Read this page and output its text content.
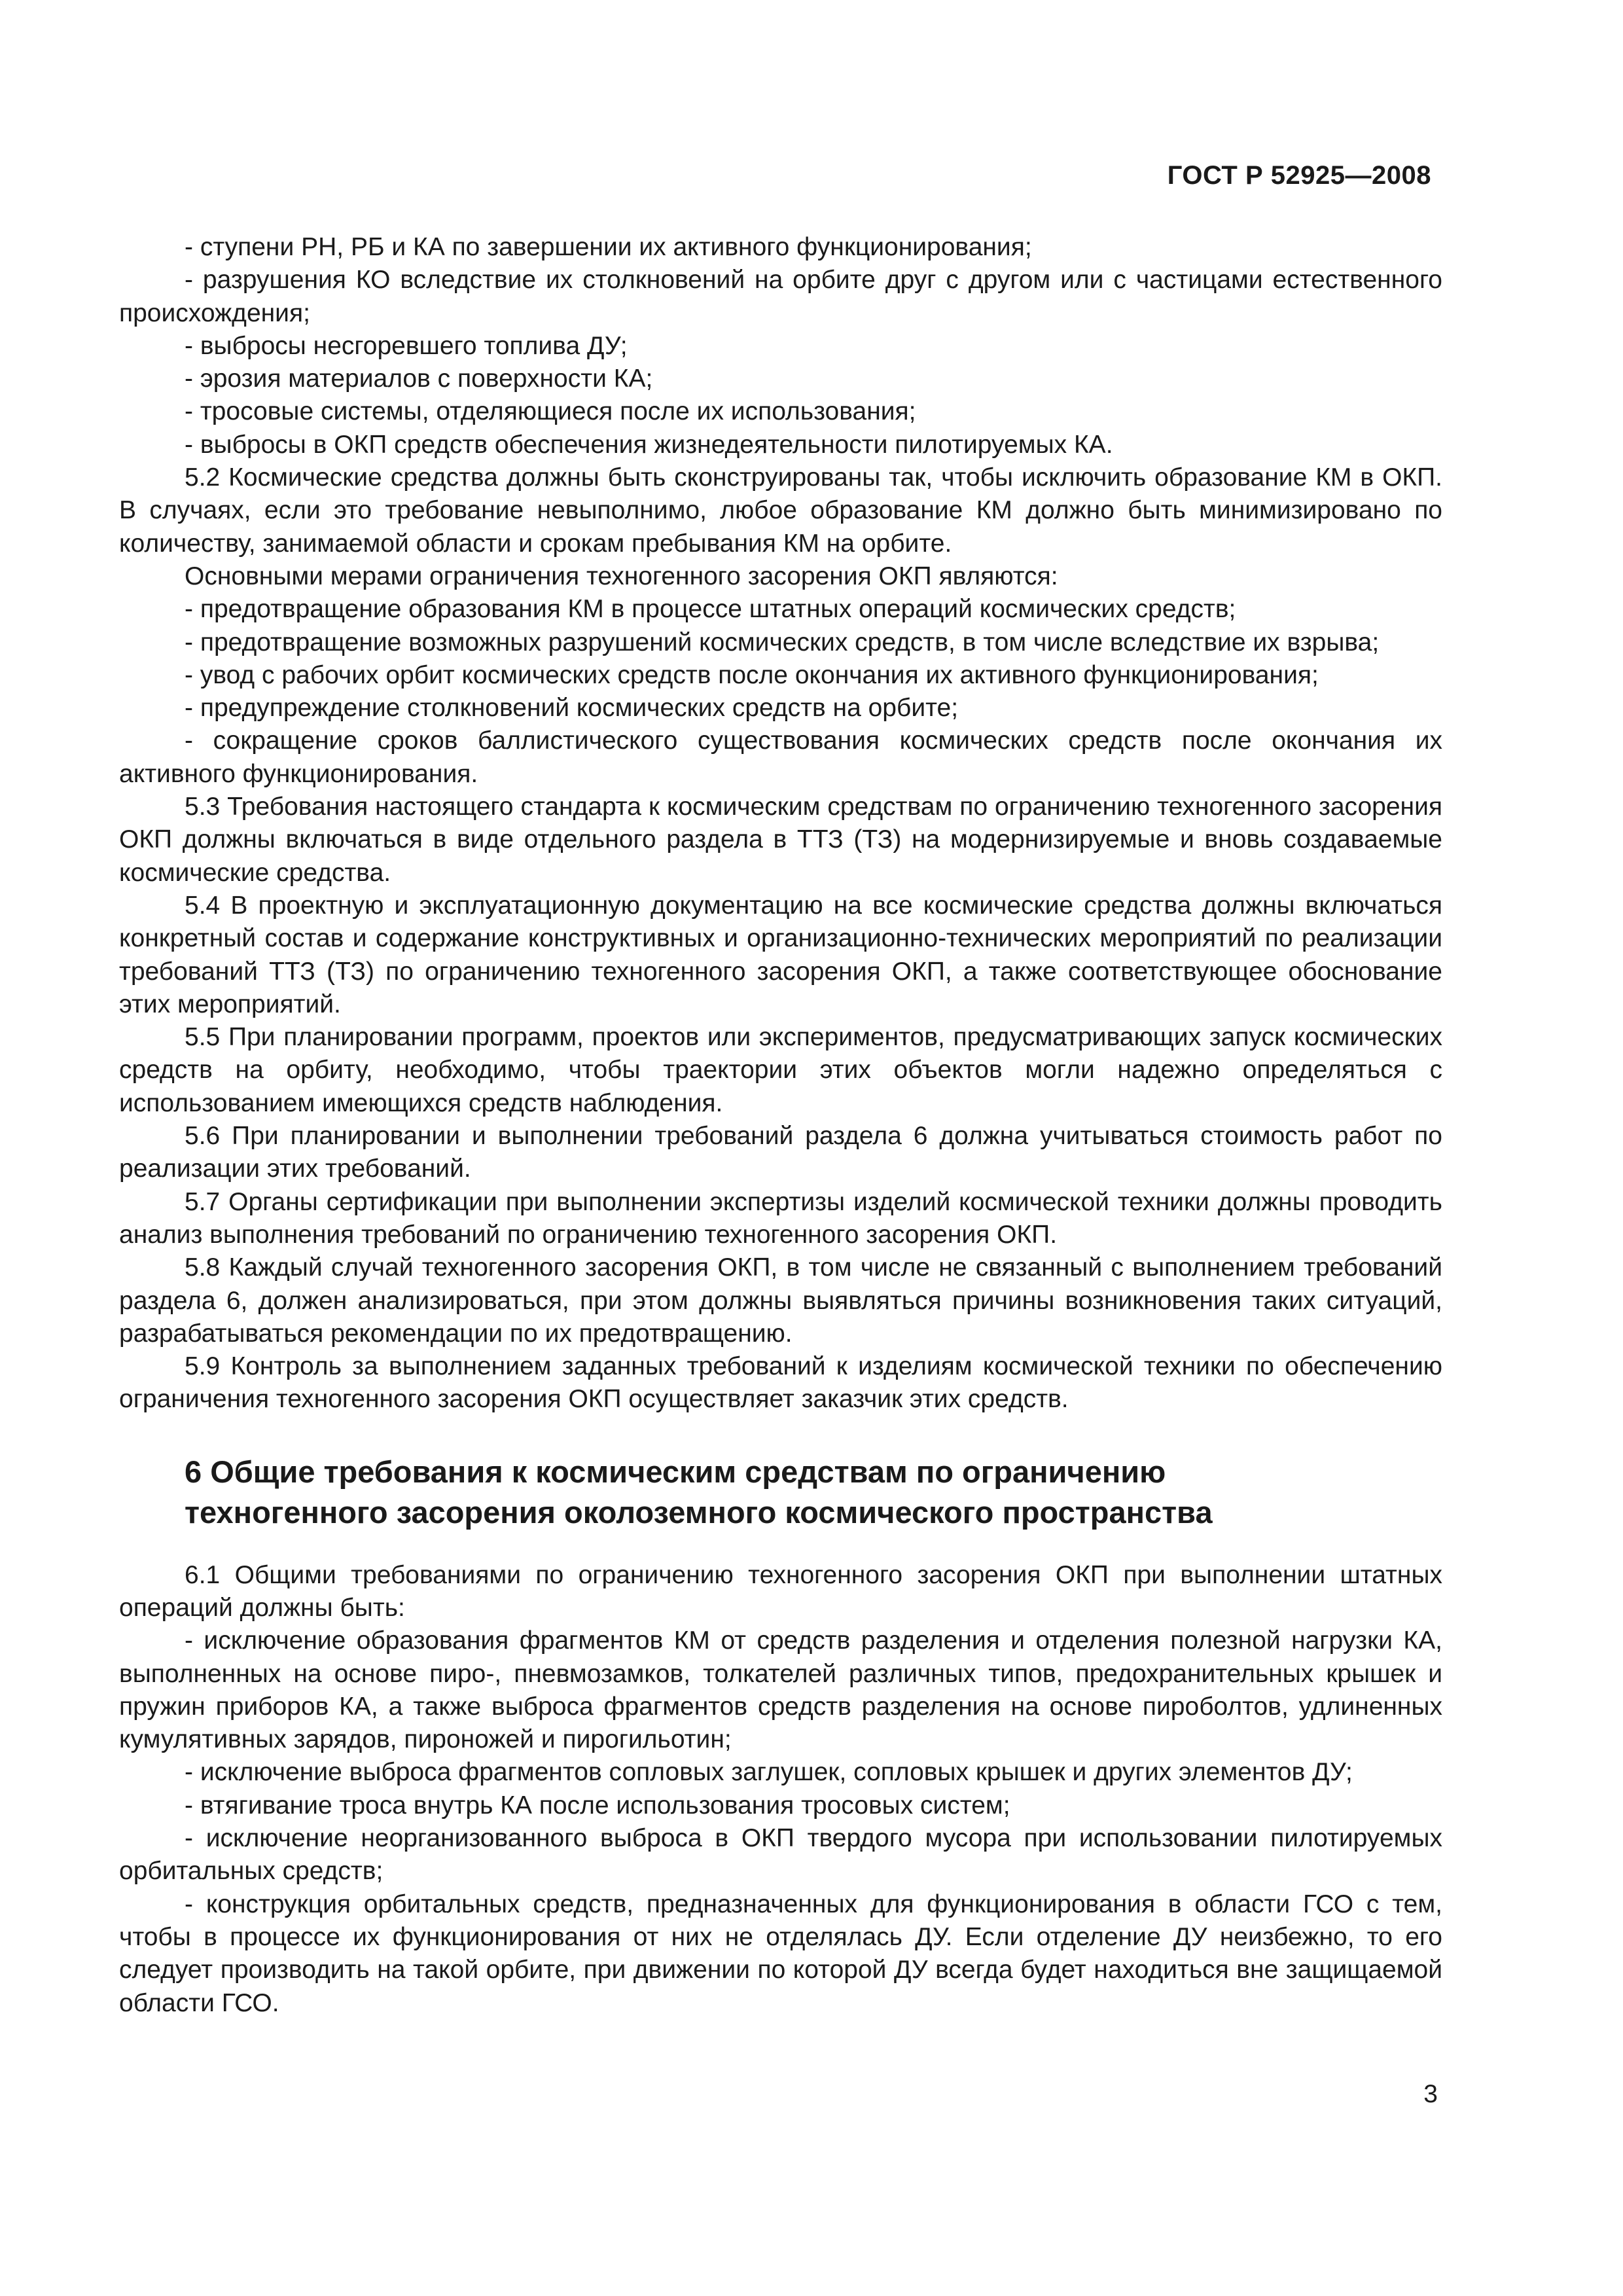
ГОСТ Р 52925—2008

- ступени РН, РБ и КА по завершении их активного функционирования;

- разрушения КО вследствие их столкновений на орбите друг с другом или с частицами естественного происхождения;

- выбросы несгоревшего топлива ДУ;

- эрозия материалов с поверхности КА;

- тросовые системы, отделяющиеся после их использования;

- выбросы в ОКП средств обеспечения жизнедеятельности пилотируемых КА.

5.2 Космические средства должны быть сконструированы так, чтобы исключить образование КМ в ОКП. В случаях, если это требование невыполнимо, любое образование КМ должно быть минимизировано по количеству, занимаемой области и срокам пребывания КМ на орбите.

Основными мерами ограничения техногенного засорения ОКП являются:

- предотвращение образования КМ в процессе штатных операций космических средств;

- предотвращение возможных разрушений космических средств, в том числе вследствие их взрыва;

- увод с рабочих орбит космических средств после окончания их активного функционирования;

- предупреждение столкновений космических средств на орбите;

- сокращение сроков баллистического существования космических средств после окончания их активного функционирования.

5.3 Требования настоящего стандарта к космическим средствам по ограничению техногенного засорения ОКП должны включаться в виде отдельного раздела в ТТЗ (ТЗ) на модернизируемые и вновь создаваемые космические средства.

5.4 В проектную и эксплуатационную документацию на все космические средства должны включаться конкретный состав и содержание конструктивных и организационно-технических мероприятий по реализации требований ТТЗ (ТЗ) по ограничению техногенного засорения ОКП, а также соответствующее обоснование этих мероприятий.

5.5 При планировании программ, проектов или экспериментов, предусматривающих запуск космических средств на орбиту, необходимо, чтобы траектории этих объектов могли надежно определяться с использованием имеющихся средств наблюдения.

5.6 При планировании и выполнении требований раздела 6 должна учитываться стоимость работ по реализации этих требований.

5.7 Органы сертификации при выполнении экспертизы изделий космической техники должны проводить анализ выполнения требований по ограничению техногенного засорения ОКП.

5.8 Каждый случай техногенного засорения ОКП, в том числе не связанный с выполнением требований раздела 6, должен анализироваться, при этом должны выявляться причины возникновения таких ситуаций, разрабатываться рекомендации по их предотвращению.

5.9 Контроль за выполнением заданных требований к изделиям космической техники по обеспечению ограничения техногенного засорения ОКП осуществляет заказчик этих средств.

6 Общие требования к космическим средствам по ограничению
техногенного засорения околоземного космического пространства

6.1 Общими требованиями по ограничению техногенного засорения ОКП при выполнении штатных операций должны быть:

- исключение образования фрагментов КМ от средств разделения и отделения полезной нагрузки КА, выполненных на основе пиро-, пневмозамков, толкателей различных типов, предохранительных крышек и пружин приборов КА, а также выброса фрагментов средств разделения на основе пироболтов, удлиненных кумулятивных зарядов, пироножей и пирогильотин;

- исключение выброса фрагментов сопловых заглушек, сопловых крышек и других элементов ДУ;

- втягивание троса внутрь КА после использования тросовых систем;

- исключение неорганизованного выброса в ОКП твердого мусора при использовании пилотируемых орбитальных средств;

- конструкция орбитальных средств, предназначенных для функционирования в области ГСО с тем, чтобы в процессе их функционирования от них не отделялась ДУ. Если отделение ДУ неизбежно, то его следует производить на такой орбите, при движении по которой ДУ всегда будет находиться вне защищаемой области ГСО.

3
